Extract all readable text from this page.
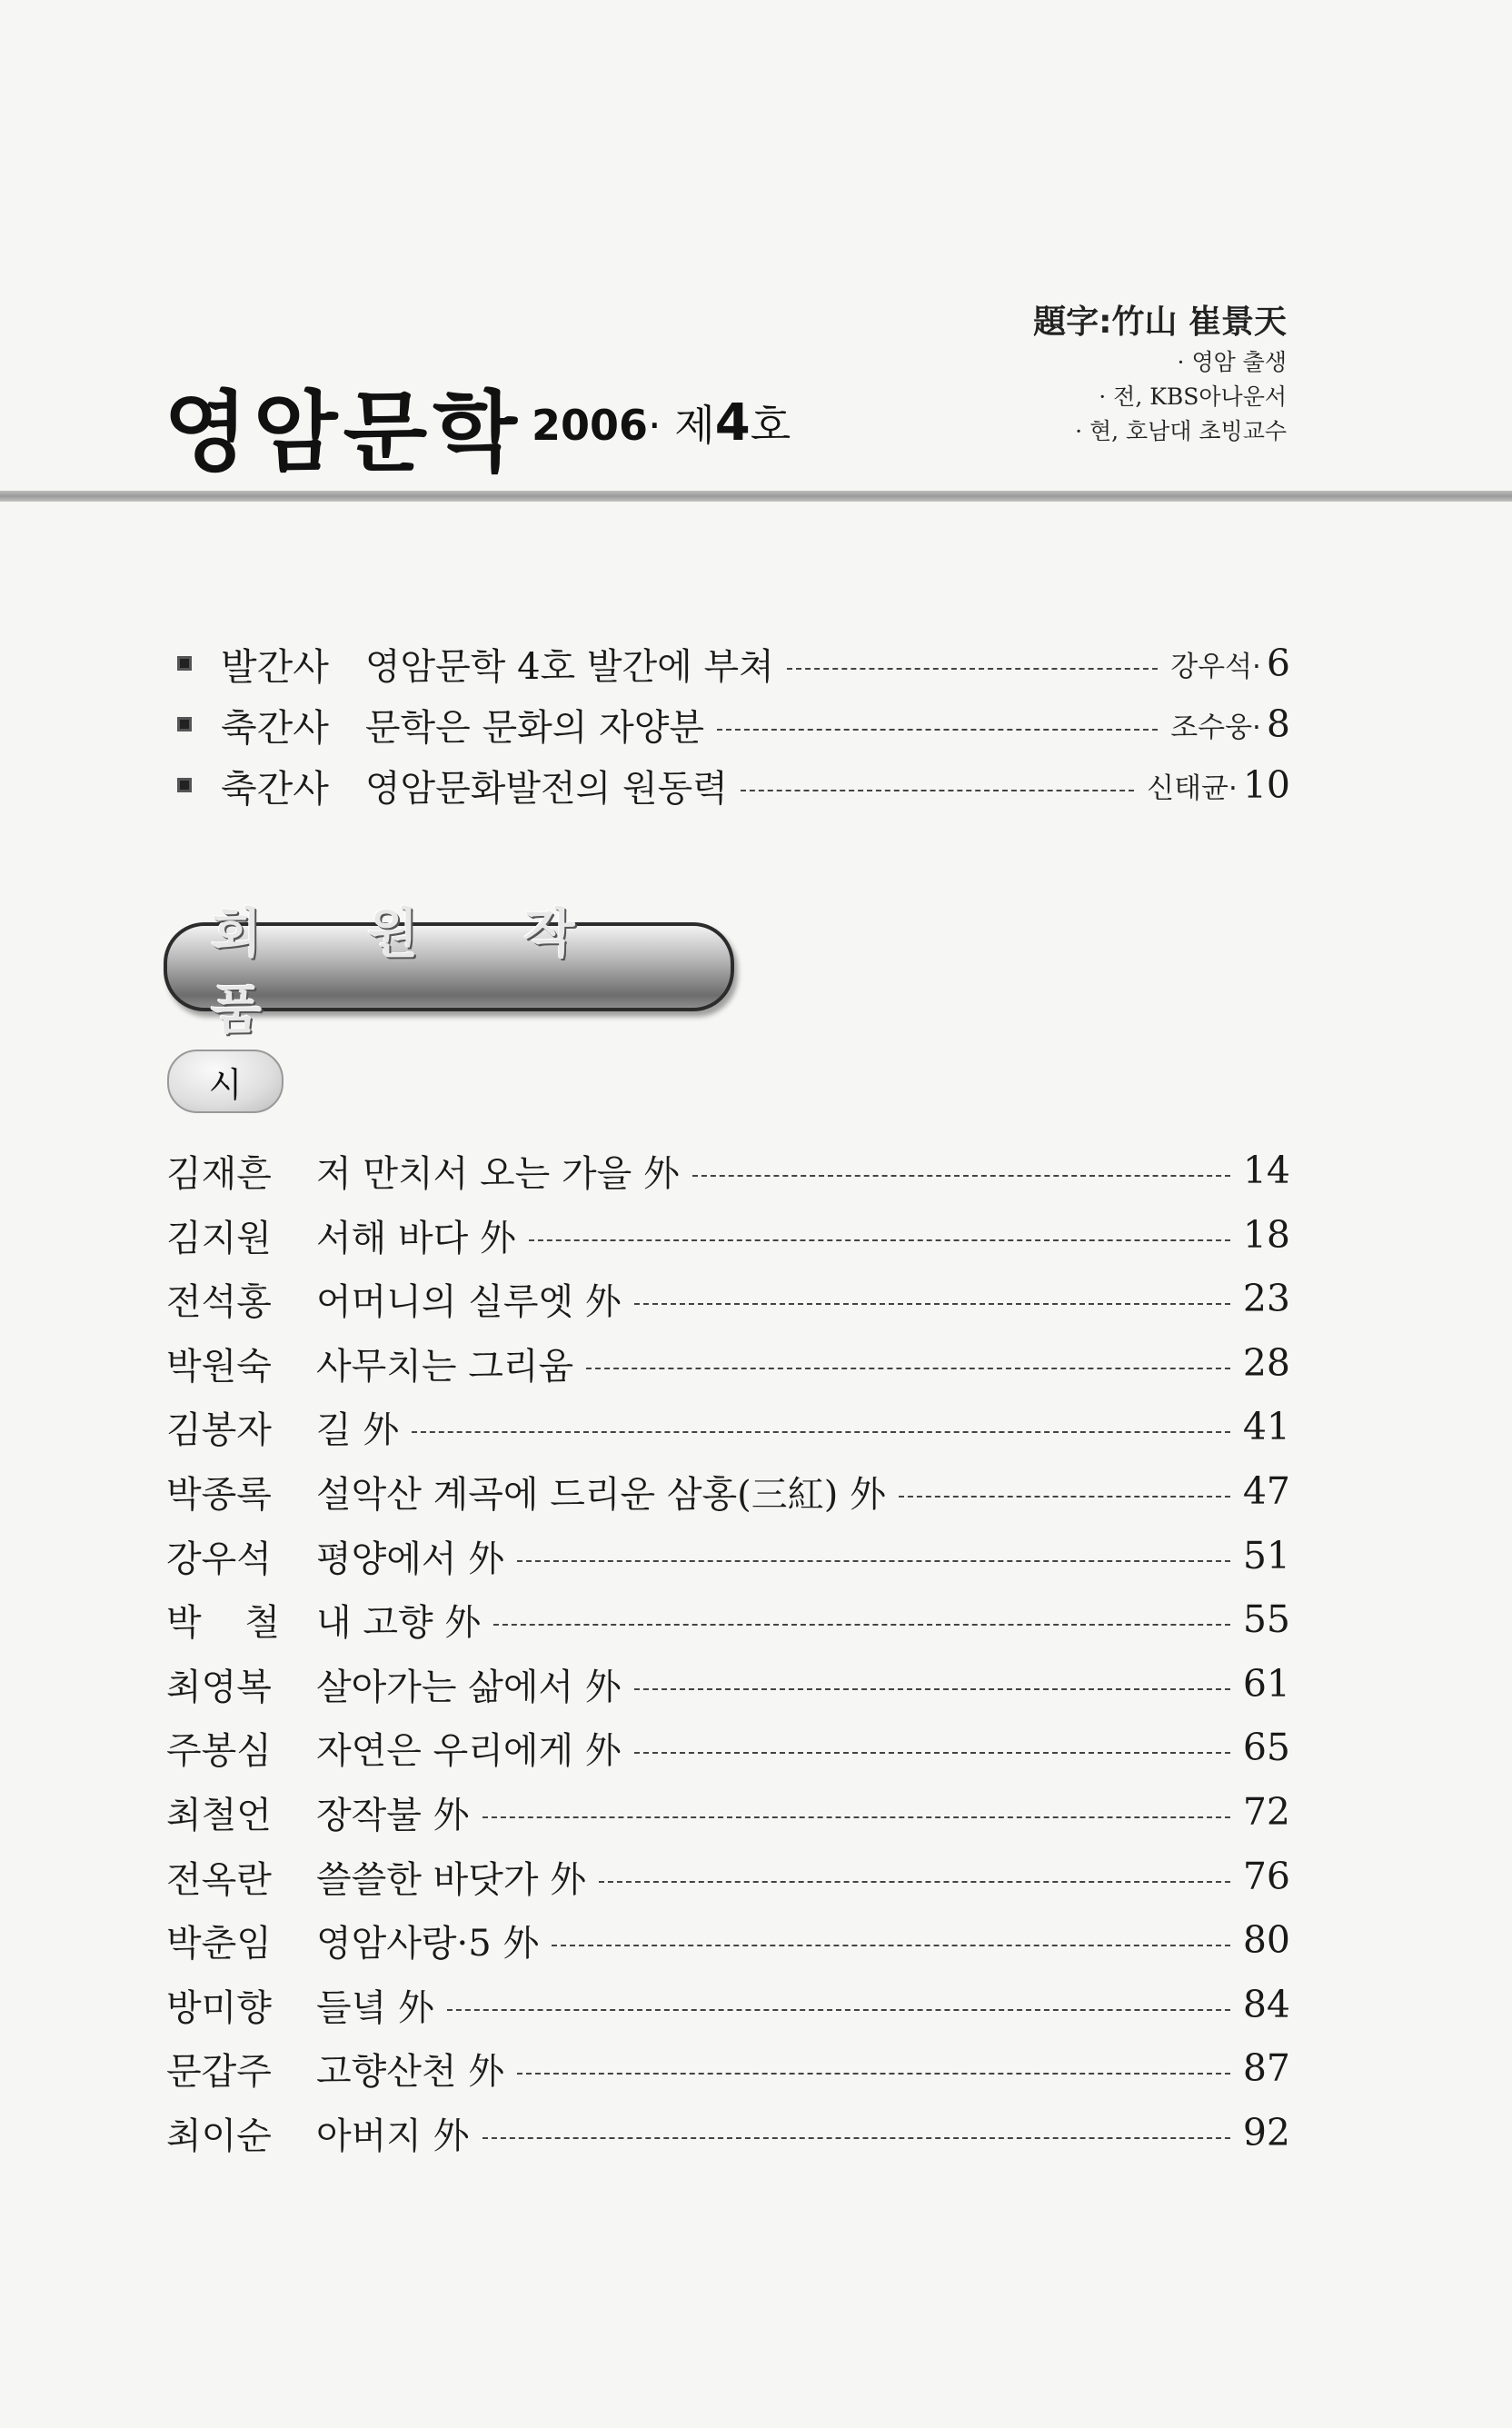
영암문학 2006· 제4호
題字:竹山 崔景天
· 영암 출생
· 전, KBS아나운서
· 현, 호남대 초빙교수
발간사 영암문학 4호 발간에 부쳐	강우석· 6
축간사 문학은 문화의 자양분	조수웅· 8
축간사 영암문화발전의 원동력	신태균· 10
회 원 작 품
시
김재흔 저 만치서 오는 가을 外	14
김지원 서해 바다 外	18
전석홍 어머니의 실루엣 外	23
박원숙 사무치는 그리움	28
김봉자 길 外	41
박종록 설악산 계곡에 드리운 삼홍(三紅) 外	47
강우석 평양에서 外	51
박 철 내 고향 外	55
최영복 살아가는 삶에서 外	61
주봉심 자연은 우리에게 外	65
최철언 장작불 外	72
전옥란 쓸쓸한 바닷가 外	76
박춘임 영암사랑·5 外	80
방미향 들녘 外	84
문갑주 고향산천 外	87
최이순 아버지 外	92
